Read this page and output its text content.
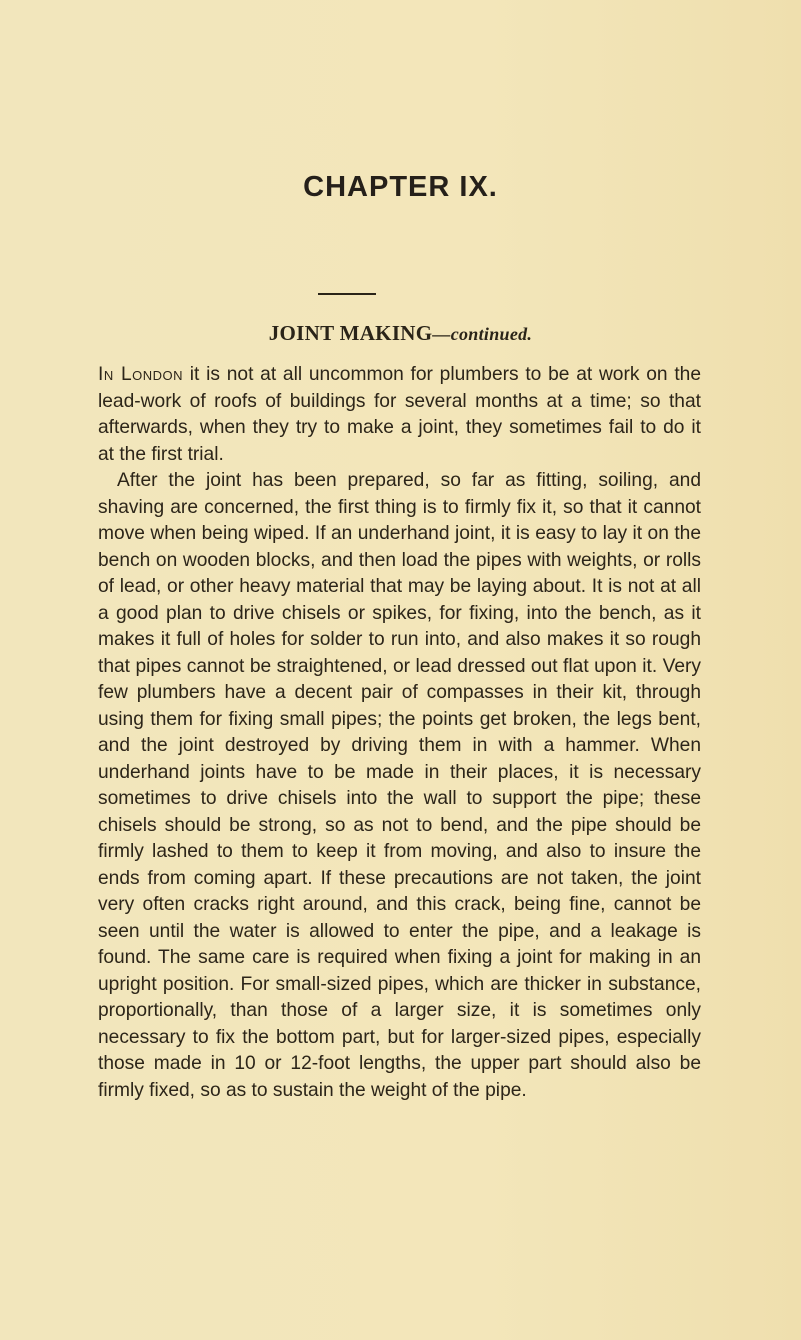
CHAPTER IX.
JOINT MAKING—continued.

In London it is not at all uncommon for plumbers to be at work on the lead-work of roofs of buildings for several months at a time; so that afterwards, when they try to make a joint, they sometimes fail to do it at the first trial.

After the joint has been prepared, so far as fitting, soiling, and shaving are concerned, the first thing is to firmly fix it, so that it cannot move when being wiped. If an underhand joint, it is easy to lay it on the bench on wooden blocks, and then load the pipes with weights, or rolls of lead, or other heavy material that may be laying about. It is not at all a good plan to drive chisels or spikes, for fixing, into the bench, as it makes it full of holes for solder to run into, and also makes it so rough that pipes cannot be straightened, or lead dressed out flat upon it. Very few plumbers have a decent pair of compasses in their kit, through using them for fixing small pipes; the points get broken, the legs bent, and the joint destroyed by driving them in with a hammer. When underhand joints have to be made in their places, it is necessary sometimes to drive chisels into the wall to support the pipe; these chisels should be strong, so as not to bend, and the pipe should be firmly lashed to them to keep it from moving, and also to insure the ends from coming apart. If these precautions are not taken, the joint very often cracks right around, and this crack, being fine, cannot be seen until the water is allowed to enter the pipe, and a leakage is found. The same care is required when fixing a joint for making in an upright position. For small-sized pipes, which are thicker in substance, proportionally, than those of a larger size, it is sometimes only necessary to fix the bottom part, but for larger-sized pipes, especially those made in 10 or 12-foot lengths, the upper part should also be firmly fixed, so as to sustain the weight of the pipe.
